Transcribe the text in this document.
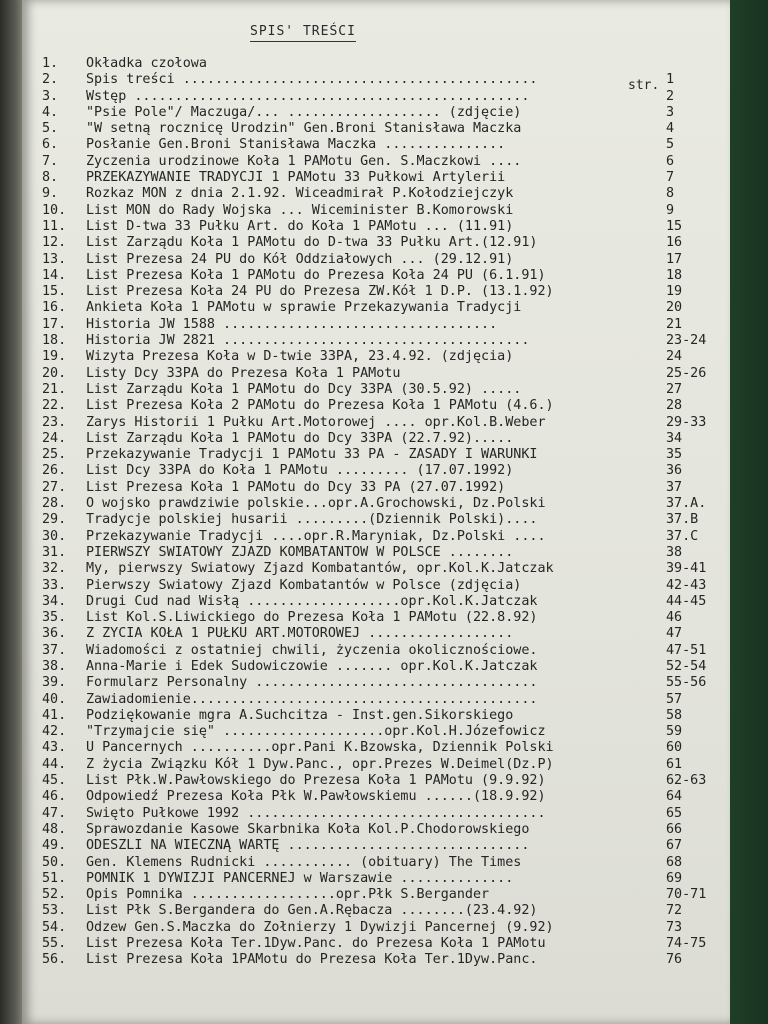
SPIS' TREŚCI
str.
1.	Okładka czołowa
2.	Spis treści ............................................	1
3.	Wstęp .................................................	2
4.	"Psie Pole"/ Maczuga/... ................... (zdjęcie)	3
5.	"W setną rocznicę Urodzin" Gen.Broni Stanisława Maczka	4
6.	Posłanie Gen.Broni Stanisława Maczka ...............	5
7.	Życzenia urodzinowe Koła 1 PAMotu Gen. S.Maczkowi ....	6
8.	PRZEKAZYWANIE TRADYCJI 1 PAMotu 33 Pułkowi Artylerii	7
9.	Rozkaz MON z dnia 2.1.92. Wiceadmirał P.Kołodziejczyk	8
10.	List MON do Rady Wojska ... Wiceminister B.Komorowski	9
11.	List D-twa 33 Pułku Art. do Koła 1 PAMotu ... (11.91)	15
12.	List Zarządu Koła 1 PAMotu do D-twa 33 Pułku Art.(12.91)	16
13.	List Prezesa 24 PU do Kół Oddziałowych ... (29.12.91)	17
14.	List Prezesa Koła 1 PAMotu do Prezesa Koła 24 PU (6.1.91)	18
15.	List Prezesa Koła 24 PU do Prezesa ZW.Kół 1 D.P. (13.1.92)	19
16.	Ankieta Koła 1 PAMotu w sprawie Przekazywania Tradycji	20
17.	Historia JW 1588 ..................................	21
18.	Historia JW 2821 ......................................	23-24
19.	Wizyta Prezesa Koła w D-twie 33PA, 23.4.92. (zdjęcia)	24
20.	Listy Dcy 33PA do Prezesa Koła 1 PAMotu	25-26
21.	List Zarządu Koła 1 PAMotu do Dcy 33PA (30.5.92) .....	27
22.	List Prezesa Koła 2 PAMotu do Prezesa Koła 1 PAMotu (4.6.)	28
23.	Zarys Historii 1 Pułku Art.Motorowej .... opr.Kol.B.Weber	29-33
24.	List Zarządu Koła 1 PAMotu do Dcy 33PA (22.7.92).....	34
25.	Przekazywanie Tradycji 1 PAMotu 33 PA - ZASADY I WARUNKI	35
26.	List Dcy 33PA do Koła 1 PAMotu ......... (17.07.1992)	36
27.	List Prezesa Koła 1 PAMotu do Dcy 33 PA (27.07.1992)	37
28.	O wojsko prawdziwie polskie...opr.A.Grochowski, Dz.Polski	37.A.
29.	Tradycje polskiej husarii .........(Dziennik Polski)....	37.B
30.	Przekazywanie Tradycji ....opr.R.Maryniak, Dz.Polski ....	37.C
31.	PIERWSZY ŚWIATOWY ZJAZD KOMBATANTÓW W POLSCE ........	38
32.	My, pierwszy Światowy Zjazd Kombatantów, opr.Kol.K.Jatczak	39-41
33.	Pierwszy Światowy Zjazd Kombatantów w Polsce (zdjęcia)	42-43
34.	Drugi Cud nad Wisłą ...................opr.Kol.K.Jatczak	44-45
35.	List Kol.S.Liwickiego do Prezesa Koła 1 PAMotu (22.8.92)	46
36.	Z ŻYCIA KOŁA 1 PUŁKU ART.MOTOROWEJ ..................	47
37.	Wiadomości z ostatniej chwili, życzenia okolicznościowe.	47-51
38.	Anna-Marie i Edek Sudowiczowie ....... opr.Kol.K.Jatczak	52-54
39.	Formularz Personalny ...................................	55-56
40.	Zawiadomienie...........................................	57
41.	Podziękowanie mgra A.Suchcitza - Inst.gen.Sikorskiego	58
42.	"Trzymajcie się" ....................opr.Kol.H.Józefowicz	59
43.	U Pancernych ..........opr.Pani K.Bzowska, Dziennik Polski	60
44.	Z życia Związku Kół 1 Dyw.Panc., opr.Prezes W.Deimel(Dz.P)	61
45.	List Płk.W.Pawłowskiego do Prezesa Koła 1 PAMotu (9.9.92)	62-63
46.	Odpowiedź Prezesa Koła Płk W.Pawłowskiemu ......(18.9.92)	64
47.	Święto Pułkowe 1992 .....................................	65
48.	Sprawozdanie Kasowe Skarbnika Koła Kol.P.Chodorowskiego	66
49.	ODESZLI NA WIECZNĄ WARTĘ ..............................	67
50.	Gen. Klemens Rudnicki ........... (obituary) The Times	68
51.	POMNIK 1 DYWIZJI PANCERNEJ w Warszawie ..............	69
52.	Opis Pomnika ..................opr.Płk S.Bergander	70-71
53.	List Płk S.Bergandera do Gen.A.Rębacza ........(23.4.92)	72
54.	Odzew Gen.S.Maczka do Żołnierzy 1 Dywizji Pancernej (9.92)	73
55.	List Prezesa Koła Ter.1Dyw.Panc. do Prezesa Koła 1 PAMotu	74-75
56.	List Prezesa Koła 1PAMotu do Prezesa Koła Ter.1Dyw.Panc.	76
